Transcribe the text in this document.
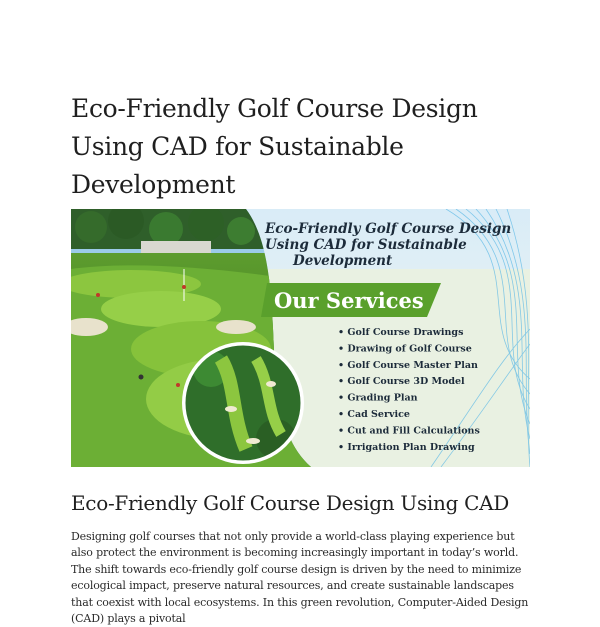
Eco-Friendly Golf Course Design Using CAD for Sustainable Development
Eco-Friendly Golf Course Design
Using CAD for Sustainable
Development
Our Services
• Golf Course Drawings
• Drawing of Golf Course
• Golf Course Master Plan
• Golf Course 3D Model
• Grading Plan
• Cad Service
• Cut and Fill Calculations
• Irrigation Plan Drawing
Eco-Friendly Golf Course Design Using CAD

Designing golf courses that not only provide a world-class playing experience but also protect the environment is becoming increasingly important in today’s world. The shift towards eco-friendly golf course design is driven by the need to minimize ecological impact, preserve natural resources, and create sustainable landscapes that coexist with local ecosystems. In this green revolution, Computer-Aided Design (CAD) plays a pivotal
